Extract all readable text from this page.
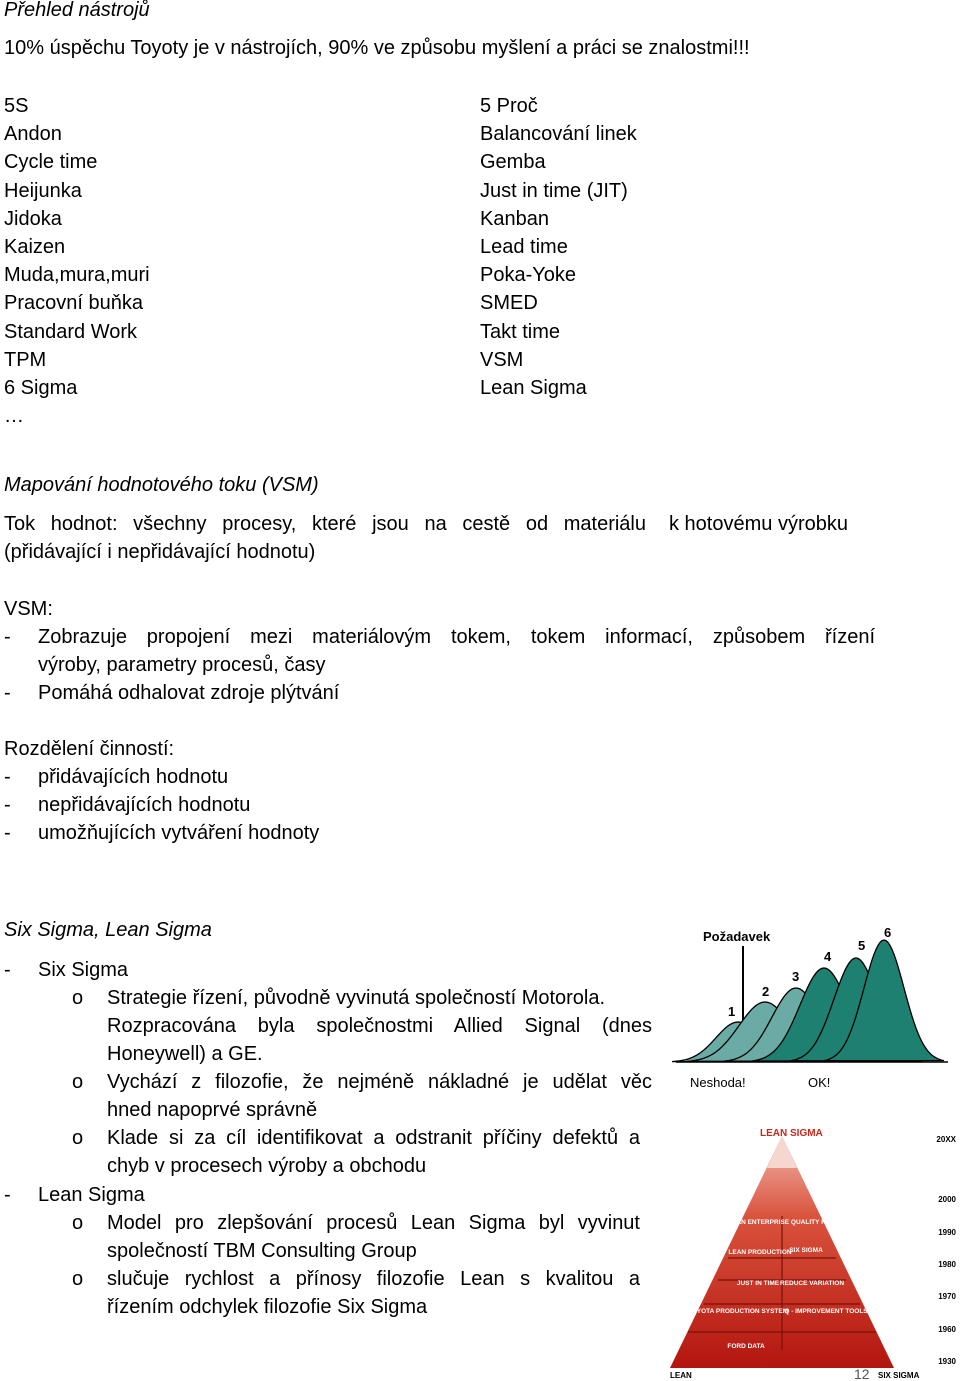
Přehled nástrojů
10% úspěchu Toyoty je v nástrojích, 90% ve způsobu myšlení a práci se znalostmi!!!
5S
Andon
Cycle time
Heijunka
Jidoka
Kaizen
Muda,mura,muri
Pracovní buňka
Standard Work
TPM
6 Sigma
…
5 Proč
Balancování linek
Gemba
Just in time (JIT)
Kanban
Lead time
Poka-Yoke
SMED
Takt time
VSM
Lean Sigma
Mapování hodnotového toku (VSM)
Tok hodnot: všechny procesy, které jsou na cestě od materiálu k hotovému výrobku
(přidávající i nepřidávající hodnotu)
VSM:
- Zobrazuje propojení mezi materiálovým tokem, tokem informací, způsobem řízení
výroby, parametry procesů, časy
- Pomáhá odhalovat zdroje plýtvání
Rozdělení činností:
- přidávajících hodnotu
- nepřidávajících hodnotu
- umožňujících vytváření hodnoty
Six Sigma, Lean Sigma
- Six Sigma
o Strategie řízení, původně vyvinutá společností Motorola.
Rozpracována byla společnostmi Allied Signal (dnes
Honeywell) a GE.
o Vychází z filozofie, že nejméně nákladné je udělat věc
hned napoprvé správně
o Klade si za cíl identifikovat a odstranit příčiny defektů a
chyb v procesech výroby a obchodu
- Lean Sigma
o Model pro zlepšování procesů Lean Sigma byl vyvinut
společností TBM Consulting Group
o slučuje rychlost a přínosy filozofie Lean s kvalitou a
řízením odchylek filozofie Six Sigma
Požadavek
1
2
3
4
5
6
Neshoda!	OK!
LEAN ENTERPRISE QUALITY FOCUS
LEAN PRODUCTION
SIX SIGMA
JUST IN TIME REDUCE VARIATION
TOYOTA PRODUCTION SYSTEM
Q - IMPROVEMENT TOOLS
FORD DATA
LEAN SIGMA
20XX
2000
1990
1980
1970
1960
1930
LEAN	SIX SIGMA
12
